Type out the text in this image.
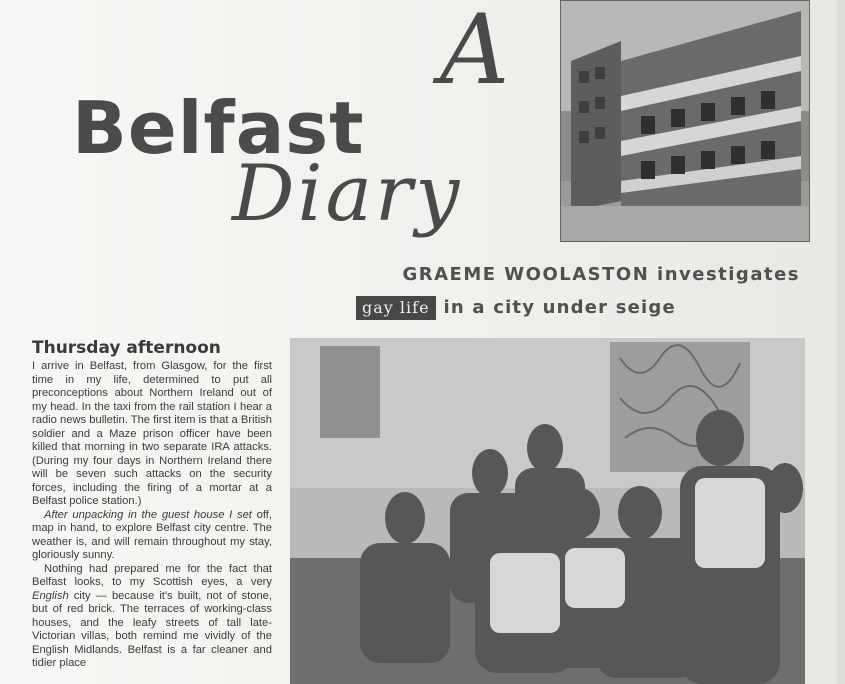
A
Belfast
Diary
GRAEME WOOLASTON investigates
gay life in a city under seige
Thursday afternoon

I arrive in Belfast, from Glasgow, for the first time in my life, determined to put all preconceptions about Northern Ireland out of my head. In the taxi from the rail station I hear a radio news bulletin. The first item is that a British soldier and a Maze prison officer have been killed that morning in two separate IRA attacks. (During my four days in Northern Ireland there will be seven such attacks on the security forces, including the firing of a mortar at a Belfast police station.)

After unpacking in the guest house I set off, map in hand, to explore Belfast city centre. The weather is, and will remain throughout my stay, gloriously sunny.

Nothing had prepared me for the fact that Belfast looks, to my Scottish eyes, a very English city — because it's built, not of stone, but of red brick. The terraces of working-class houses, and the leafy streets of tall late-Victorian villas, both remind me vividly of the English Midlands. Belfast is a far cleaner and tidier place
